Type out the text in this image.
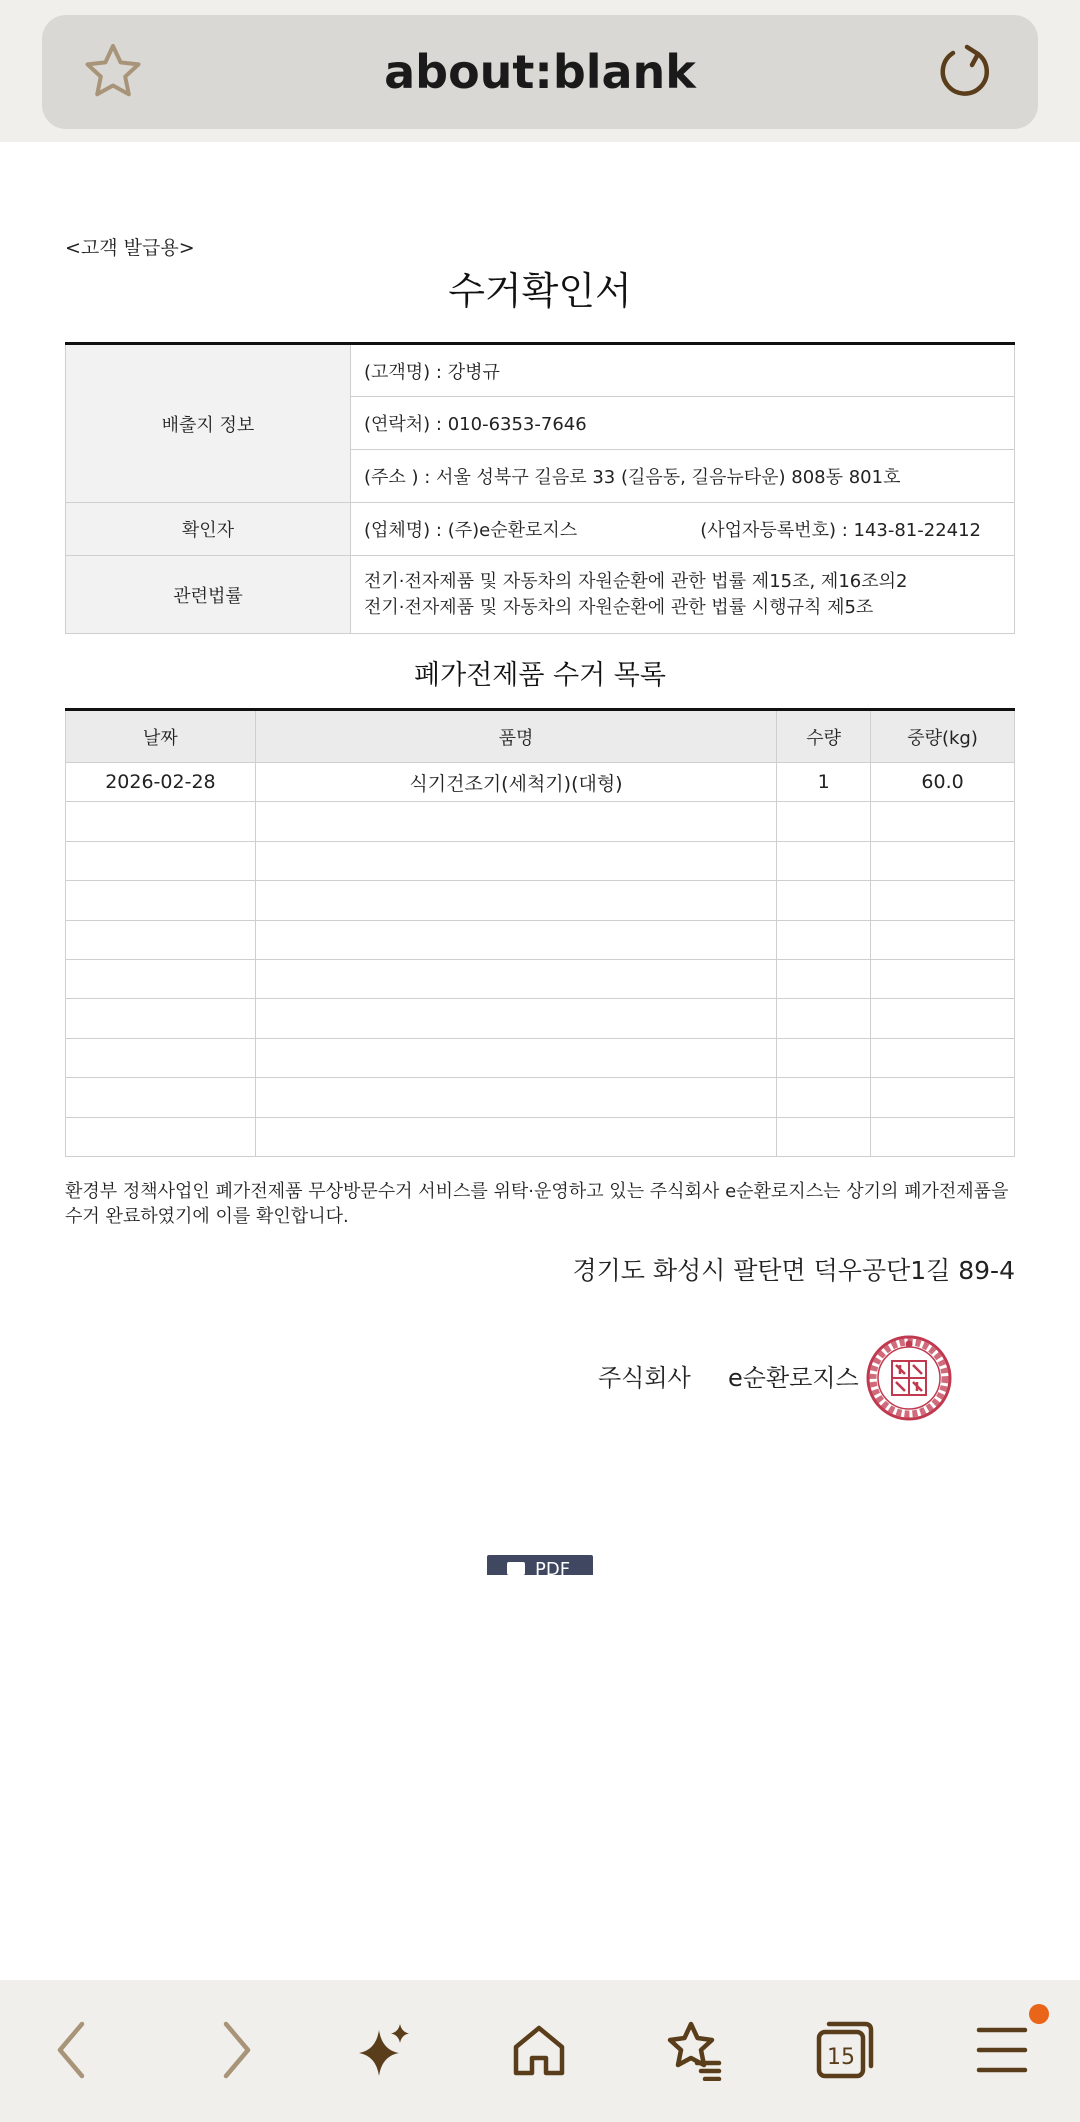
about:blank
<고객 발급용>
수거확인서
배출지 정보	(고객명) : 강병규
	(연락처) : 010-6353-7646
	(주소 ) : 서울 성북구 길음로 33 (길음동, 길음뉴타운) 808동 801호
확인자	(업체명) : (주)e순환로지스 (사업자등록번호) : 143-81-22412

관련법률	전기·전자제품 및 자동차의 자원순환에 관한 법률 제15조, 제16조의2
전기·전자제품 및 자동차의 자원순환에 관한 법률 시행규칙 제5조
폐가전제품 수거 목록
날짜	품명	수량	중량(kg)
2026-02-28	식기건조기(세척기)(대형)	1	60.0

환경부 정책사업인 폐가전제품 무상방문수거 서비스를 위탁·운영하고 있는 주식회사 e순환로지스는 상기의 폐가전제품을 수거 완료하였기에 이를 확인합니다.
경기도 화성시 팔탄면 덕우공단1길 89-4
주식회사 e순환로지스
PDF
15
